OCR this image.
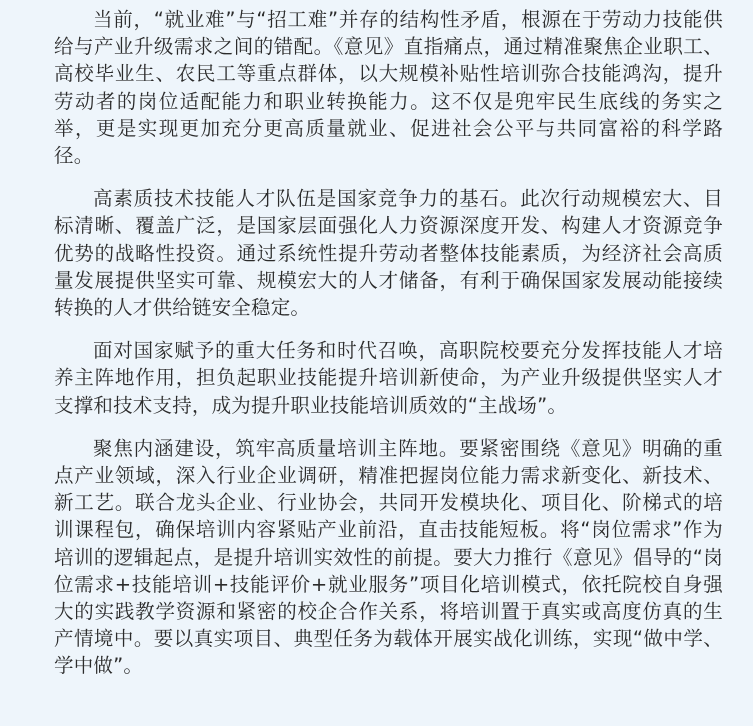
当前，“就业难”与“招工难”并存的结构性矛盾，根源在于劳动力技能供给与产业升级需求之间的错配。《意见》直指痛点，通过精准聚焦企业职工、高校毕业生、农民工等重点群体，以大规模补贴性培训弥合技能鸿沟，提升劳动者的岗位适配能力和职业转换能力。这不仅是兜牢民生底线的务实之举，更是实现更加充分更高质量就业、促进社会公平与共同富裕的科学路径。

高素质技术技能人才队伍是国家竞争力的基石。此次行动规模宏大、目标清晰、覆盖广泛，是国家层面强化人力资源深度开发、构建人才资源竞争优势的战略性投资。通过系统性提升劳动者整体技能素质，为经济社会高质量发展提供坚实可靠、规模宏大的人才储备，有利于确保国家发展动能接续转换的人才供给链安全稳定。

面对国家赋予的重大任务和时代召唤，高职院校要充分发挥技能人才培养主阵地作用，担负起职业技能提升培训新使命，为产业升级提供坚实人才支撑和技术支持，成为提升职业技能培训质效的“主战场”。

聚焦内涵建设，筑牢高质量培训主阵地。要紧密围绕《意见》明确的重点产业领域，深入行业企业调研，精准把握岗位能力需求新变化、新技术、新工艺。联合龙头企业、行业协会，共同开发模块化、项目化、阶梯式的培训课程包，确保培训内容紧贴产业前沿，直击技能短板。将“岗位需求”作为培训的逻辑起点，是提升培训实效性的前提。要大力推行《意见》倡导的“岗位需求+技能培训+技能评价+就业服务”项目化培训模式，依托院校自身强大的实践教学资源和紧密的校企合作关系，将培训置于真实或高度仿真的生产情境中。要以真实项目、典型任务为载体开展实战化训练，实现“做中学、学中做”。
